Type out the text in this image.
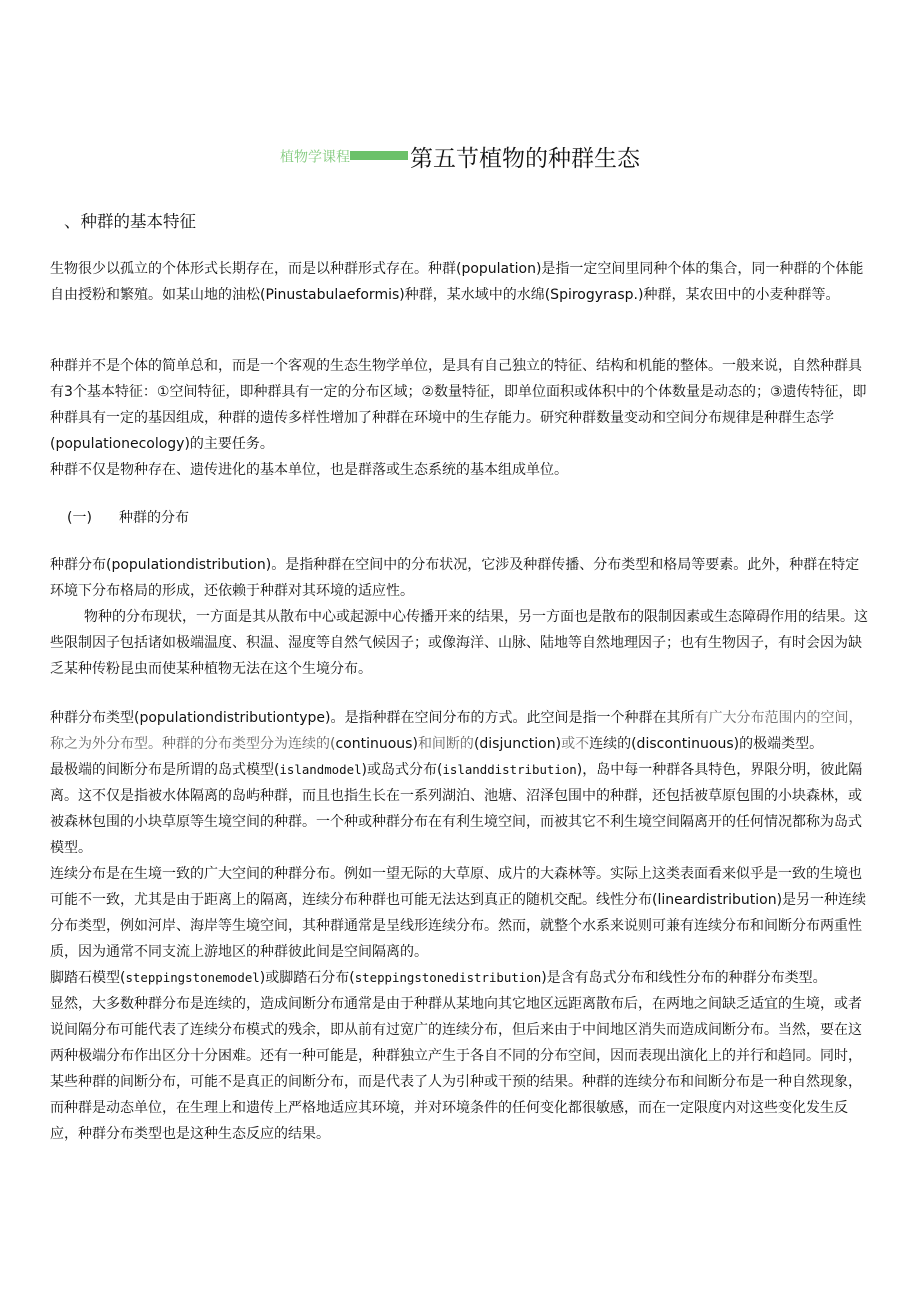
植物学课程	第五节植物的种群生态
、种群的基本特征

生物很少以孤立的个体形式长期存在，而是以种群形式存在。种群(population)是指一定空间里同种个体的集合，同一种群的个体能自由授粉和繁殖。如某山地的油松(Pinustabulaeformis)种群，某水域中的水绵(Spirogyrasp.)种群，某农田中的小麦种群等。

种群并不是个体的简单总和，而是一个客观的生态生物学单位，是具有自己独立的特征、结构和机能的整体。一般来说，自然种群具有3个基本特征：①空间特征，即种群具有一定的分布区域；②数量特征，即单位面积或体积中的个体数量是动态的；③遗传特征，即种群具有一定的基因组成，种群的遗传多样性增加了种群在环境中的生存能力。研究种群数量变动和空间分布规律是种群生态学(populationecology)的主要任务。

种群不仅是物种存在、遗传进化的基本单位，也是群落或生态系统的基本组成单位。

(一) 种群的分布

种群分布(populationdistribution)。是指种群在空间中的分布状况，它涉及种群传播、分布类型和格局等要素。此外，种群在特定环境下分布格局的形成，还依赖于种群对其环境的适应性。

物种的分布现状，一方面是其从散布中心或起源中心传播开来的结果，另一方面也是散布的限制因素或生态障碍作用的结果。这些限制因子包括诸如极端温度、积温、湿度等自然气候因子；或像海洋、山脉、陆地等自然地理因子；也有生物因子，有时会因为缺乏某种传粉昆虫而使某种植物无法在这个生境分布。

种群分布类型(populationdistributiontype)。是指种群在空间分布的方式。此空间是指一个种群在其所有广大分布范围内的空间，称之为外分布型。种群的分布类型分为连续的(continuous)和间断的(disjunction)或不连续的(discontinuous)的极端类型。

最极端的间断分布是所谓的岛式模型(islandmodel)或岛式分布(islanddistribution)，岛中每一种群各具特色，界限分明，彼此隔离。这不仅是指被水体隔离的岛屿种群，而且也指生长在一系列湖泊、池塘、沼泽包围中的种群，还包括被草原包围的小块森林，或被森林包围的小块草原等生境空间的种群。一个种或种群分布在有利生境空间，而被其它不利生境空间隔离开的任何情况都称为岛式模型。

连续分布是在生境一致的广大空间的种群分布。例如一望无际的大草原、成片的大森林等。实际上这类表面看来似乎是一致的生境也可能不一致，尤其是由于距离上的隔离，连续分布种群也可能无法达到真正的随机交配。线性分布(lineardistribution)是另一种连续分布类型，例如河岸、海岸等生境空间，其种群通常是呈线形连续分布。然而，就整个水系来说则可兼有连续分布和间断分布两重性质，因为通常不同支流上游地区的种群彼此间是空间隔离的。

脚踏石模型(steppingstonemodel)或脚踏石分布(steppingstonedistribution)是含有岛式分布和线性分布的种群分布类型。

显然，大多数种群分布是连续的，造成间断分布通常是由于种群从某地向其它地区远距离散布后，在两地之间缺乏适宜的生境，或者说间隔分布可能代表了连续分布模式的残余，即从前有过宽广的连续分布，但后来由于中间地区消失而造成间断分布。当然，要在这两种极端分布作出区分十分困难。还有一种可能是，种群独立产生于各自不同的分布空间，因而表现出演化上的并行和趋同。同时，某些种群的间断分布，可能不是真正的间断分布，而是代表了人为引种或干预的结果。种群的连续分布和间断分布是一种自然现象，而种群是动态单位，在生理上和遗传上严格地适应其环境，并对环境条件的任何变化都很敏感，而在一定限度内对这些变化发生反应，种群分布类型也是这种生态反应的结果。
